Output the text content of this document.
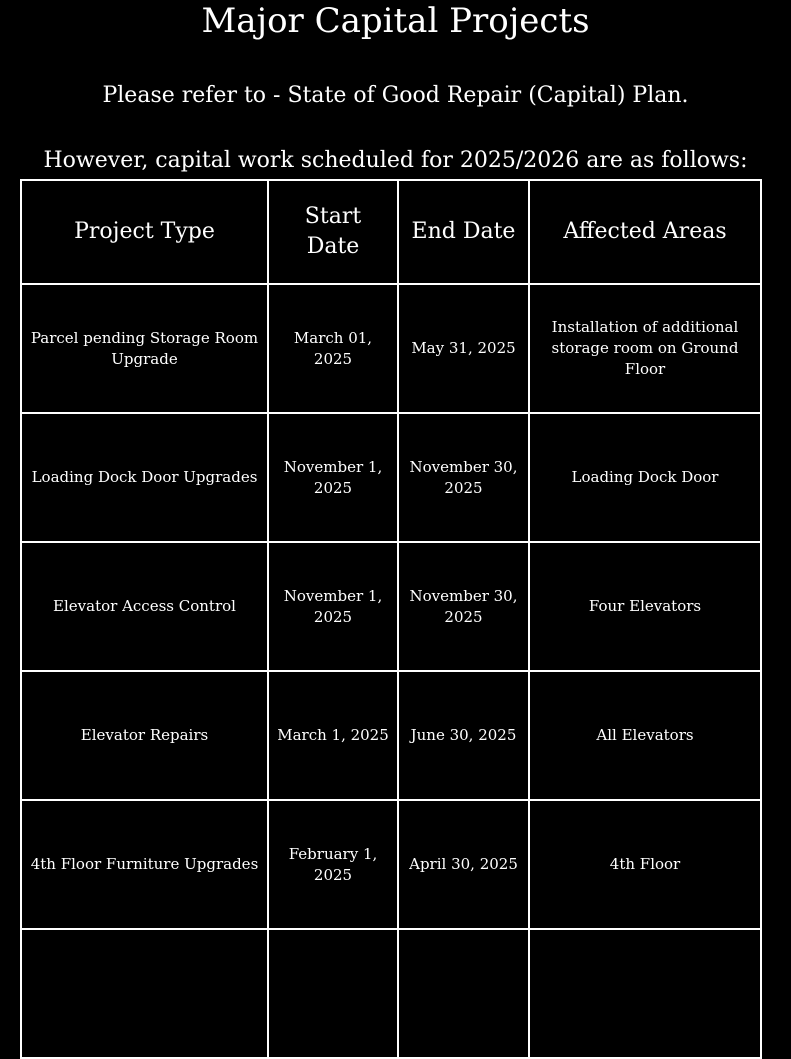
Major Capital Projects

Please refer to - State of Good Repair (Capital) Plan.

However, capital work scheduled for 2025/2026 are as follows:

Project Type	Start Date	End Date	Affected Areas
Parcel pending Storage Room Upgrade	March 01, 2025	May 31, 2025	Installation of additional storage room on Ground Floor
Loading Dock Door Upgrades	November 1, 2025	November 30, 2025	Loading Dock Door
Elevator Access Control	November 1, 2025	November 30, 2025	Four Elevators
Elevator Repairs	March 1, 2025	June 30, 2025	All Elevators
4th Floor Furniture Upgrades	February 1, 2025	April 30, 2025	4th Floor
